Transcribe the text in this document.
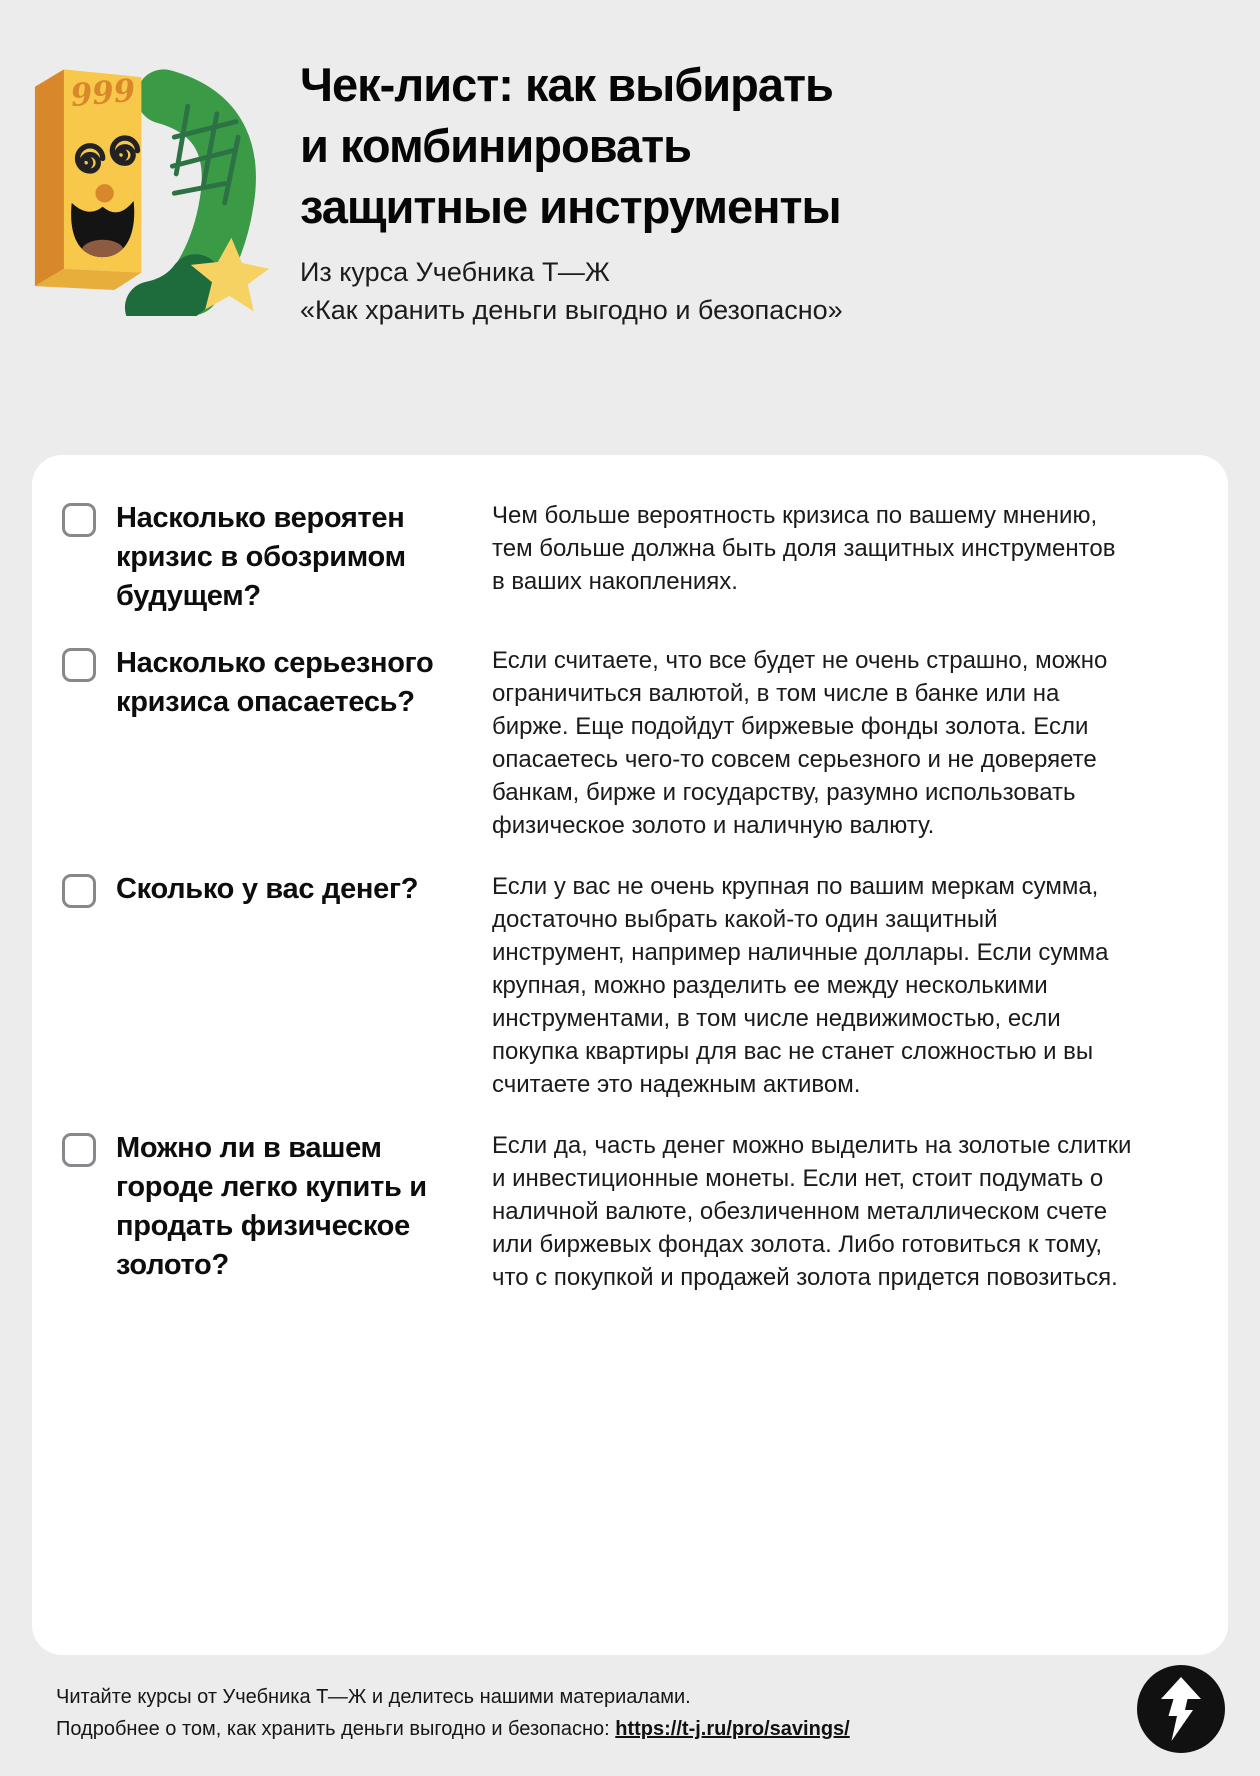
999	Чек-лист: как выбирать
и комбинировать
защитные инструменты
Из курса Учебника Т—Ж
«Как хранить деньги выгодно и безопасно»
Насколько вероятен кризис в обозримом будущем?
Чем больше вероятность кризиса по вашему мнению, тем больше должна быть доля защитных инструментов в ваших накоплениях.
Насколько серьезного кризиса опасаетесь?
Если считаете, что все будет не очень страшно, можно ограничиться валютой, в том числе в банке или на бирже. Еще подойдут биржевые фонды золота. Если опасаетесь чего-то совсем серьезного и не доверяете банкам, бирже и государству, разумно использовать физическое золото и наличную валюту.
Сколько у вас денег?	Если у вас не очень крупная по вашим меркам сумма, достаточно выбрать какой-то один защитный инструмент, например наличные доллары. Если сумма крупная, можно разделить ее между несколькими инструментами, в том числе недвижимостью, если покупка квартиры для вас не станет сложностью и вы считаете это надежным активом.
Можно ли в вашем городе легко купить и продать физическое золото?
Если да, часть денег можно выделить на золотые слитки и инвестиционные монеты. Если нет, стоит подумать о наличной валюте, обезличенном металлическом счете или биржевых фондах золота. Либо готовиться к тому, что с покупкой и продажей золота придется повозиться.
Читайте курсы от Учебника Т—Ж и делитесь нашими материалами.
Подробнее о том, как хранить деньги выгодно и безопасно: https://t-j.ru/pro/savings/
